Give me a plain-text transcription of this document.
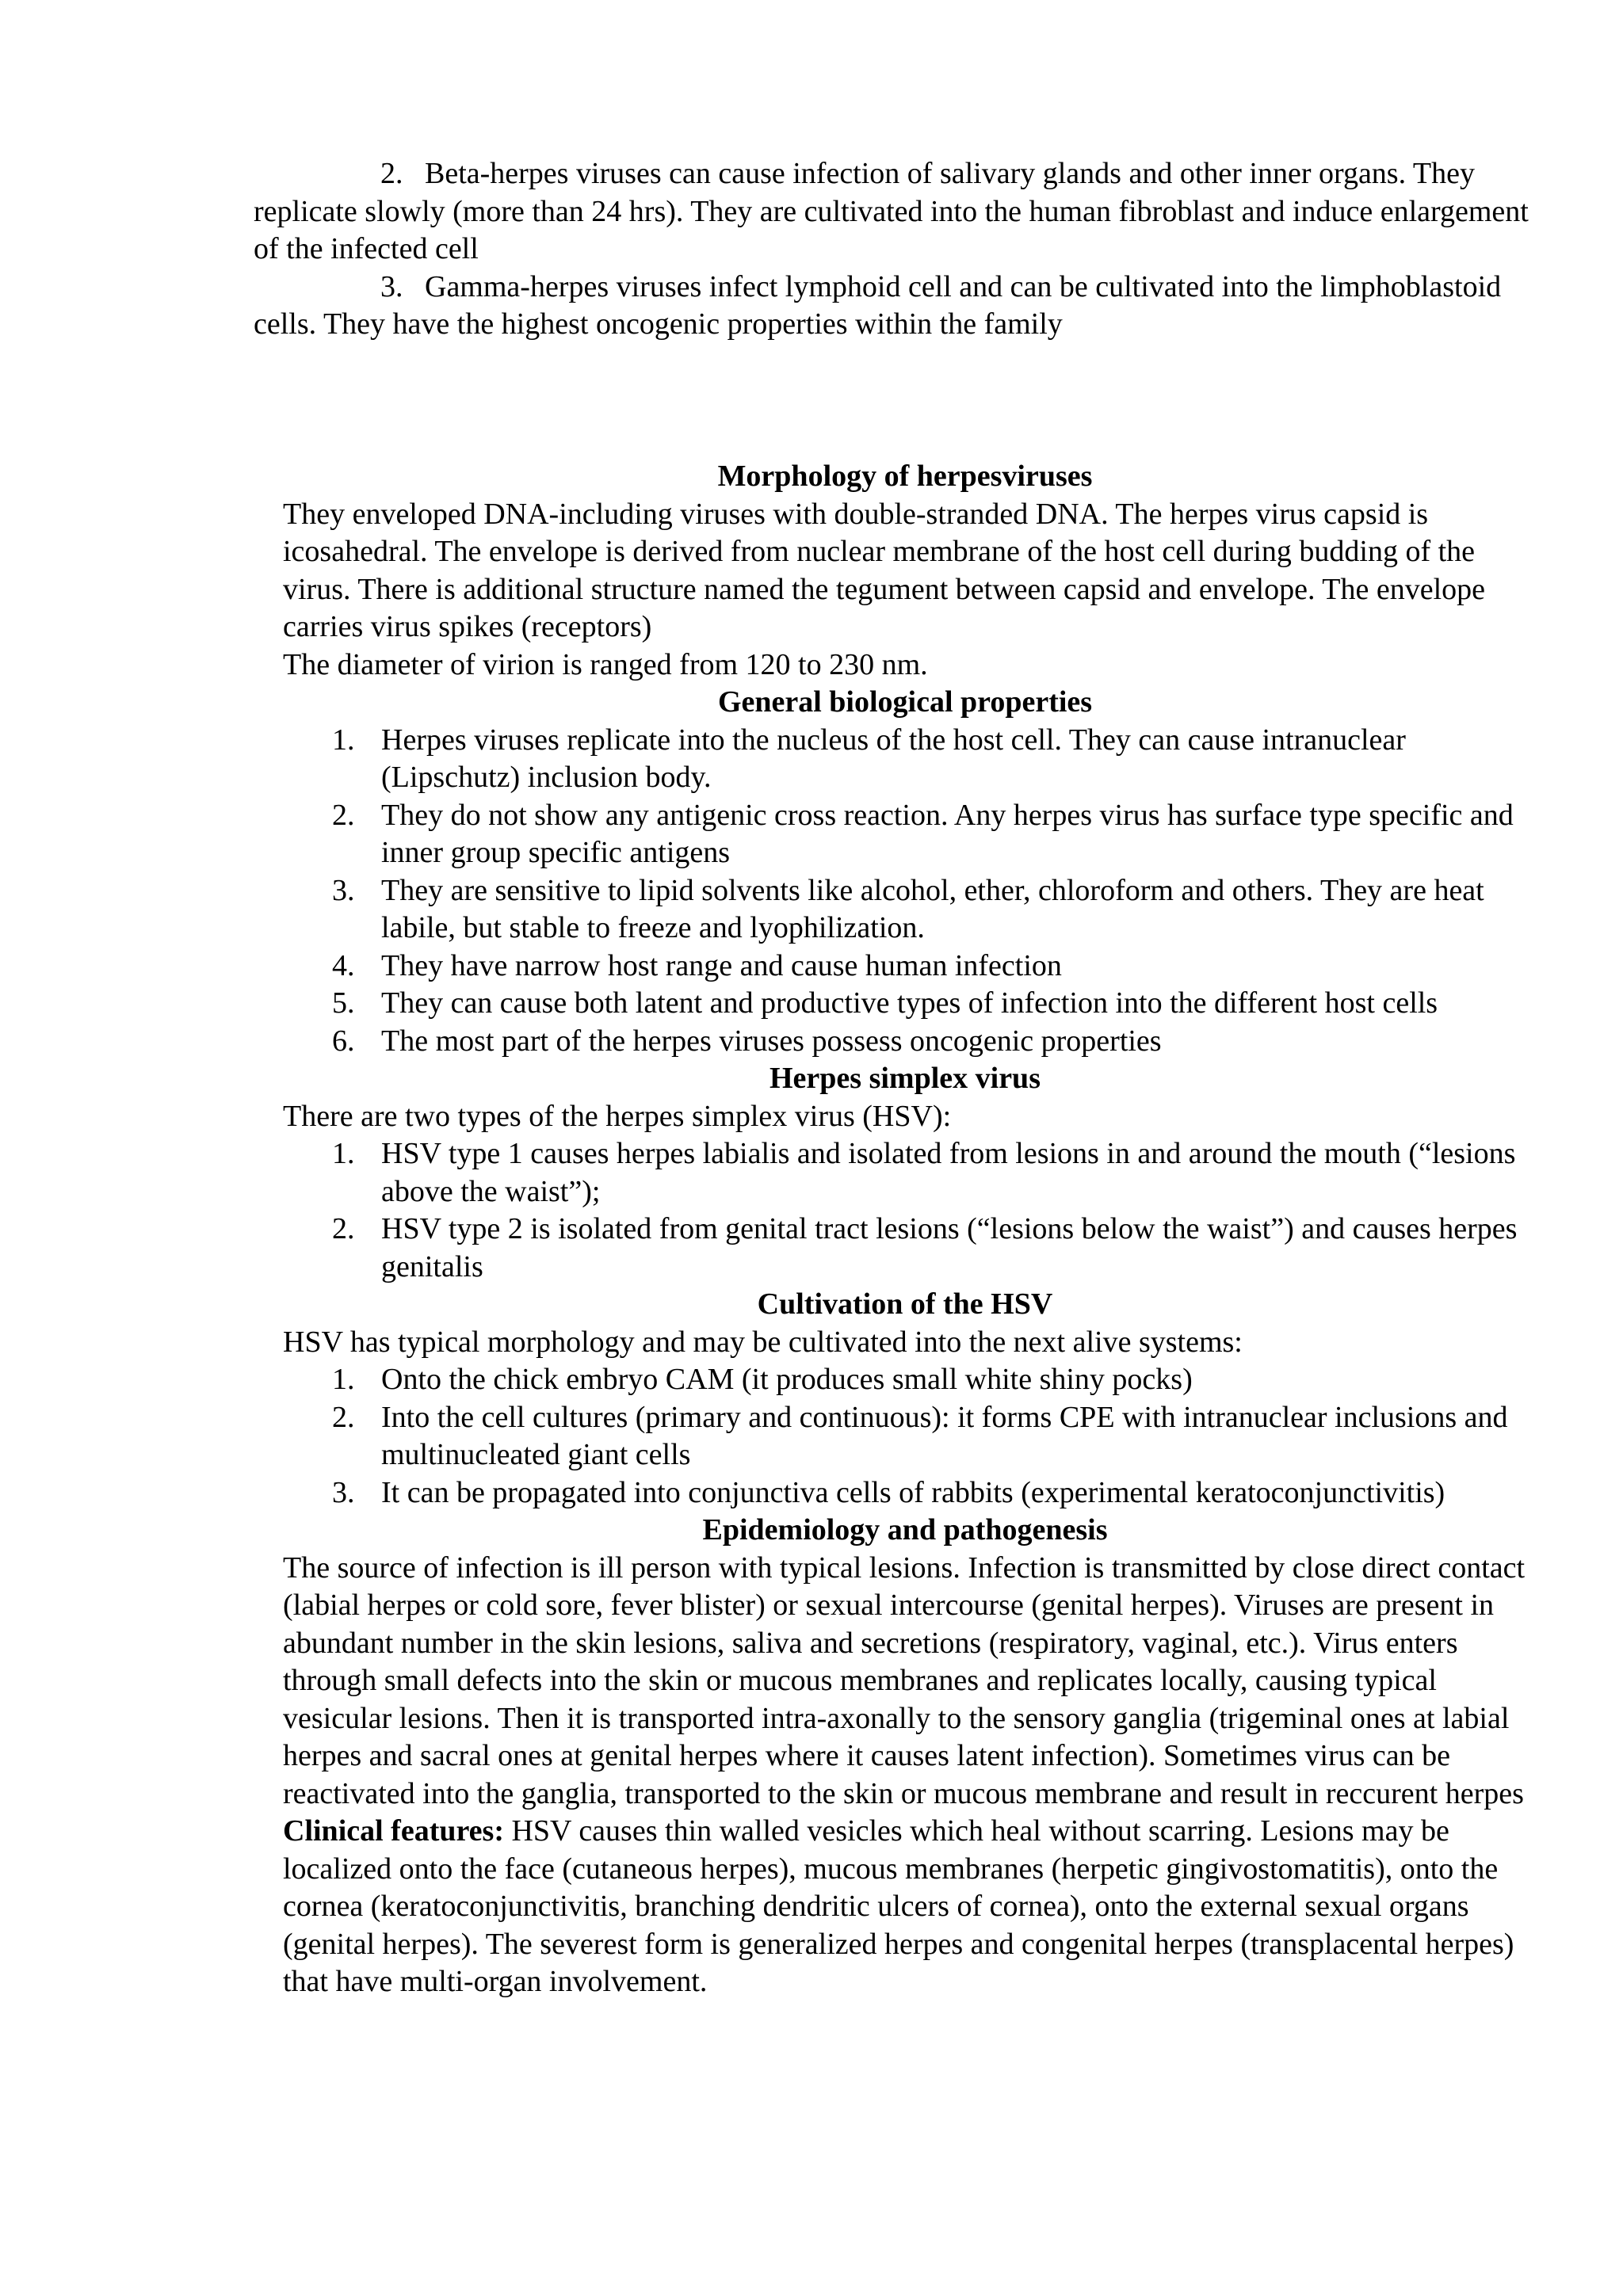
2. Beta-herpes viruses can cause infection of salivary glands and other inner organs. They replicate slowly (more than 24 hrs). They are cultivated into the human fibroblast and induce enlargement of the infected cell

3. Gamma-herpes viruses infect lymphoid cell and can be cultivated into the limphoblastoid cells. They have the highest oncogenic properties within the family

Morphology of herpesviruses

They enveloped DNA-including viruses with double-stranded DNA. The herpes virus capsid is icosahedral. The envelope is derived from nuclear membrane of the host cell during budding of the virus. There is additional structure named the tegument between capsid and envelope. The envelope carries virus spikes (receptors)

The diameter of virion is ranged from 120 to 230 nm.

General biological properties

1. Herpes viruses replicate into the nucleus of the host cell. They can cause intranuclear (Lipschutz) inclusion body.
2. They do not show any antigenic cross reaction. Any herpes virus has surface type specific and inner group specific antigens
3. They are sensitive to lipid solvents like alcohol, ether, chloroform and others. They are heat labile, but stable to freeze and lyophilization.
4. They have narrow host range and cause human infection
5. They can cause both latent and productive types of infection into the different host cells
6. The most part of the herpes viruses possess oncogenic properties

Herpes simplex virus

There are two types of the herpes simplex virus (HSV):

1. HSV type 1 causes herpes labialis and isolated from lesions in and around the mouth (“lesions above the waist”);
2. HSV type 2 is isolated from genital tract lesions (“lesions below the waist”) and causes herpes genitalis

Cultivation of the HSV

HSV has typical morphology and may be cultivated into the next alive systems:

1. Onto the chick embryo CAM (it produces small white shiny pocks)
2. Into the cell cultures (primary and continuous): it forms CPE with intranuclear inclusions and multinucleated giant cells
3. It can be propagated into conjunctiva cells of rabbits (experimental keratoconjunctivitis)

Epidemiology and pathogenesis

The source of infection is ill person with typical lesions. Infection is transmitted by close direct contact (labial herpes or cold sore, fever blister) or sexual intercourse (genital herpes). Viruses are present in abundant number in the skin lesions, saliva and secretions (respiratory, vaginal, etc.). Virus enters through small defects into the skin or mucous membranes and replicates locally, causing typical vesicular lesions. Then it is transported intra-axonally to the sensory ganglia (trigeminal ones at labial herpes and sacral ones at genital herpes where it causes latent infection). Sometimes virus can be reactivated into the ganglia, transported to the skin or mucous membrane and result in reccurent herpes

Clinical features: HSV causes thin walled vesicles which heal without scarring. Lesions may be localized onto the face (cutaneous herpes), mucous membranes (herpetic gingivostomatitis), onto the cornea (keratoconjunctivitis, branching dendritic ulcers of cornea), onto the external sexual organs (genital herpes). The severest form is generalized herpes and congenital herpes (transplacental herpes) that have multi-organ involvement.
